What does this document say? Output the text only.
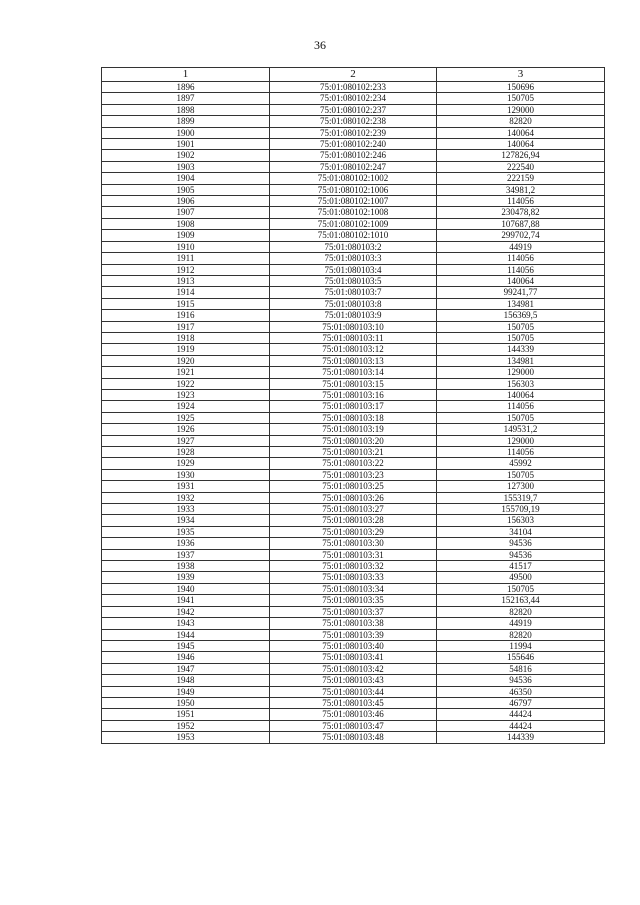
36
1	2	3
1896	75:01:080102:233	150696
1897	75:01:080102:234	150705
1898	75:01:080102:237	129000
1899	75:01:080102:238	82820
1900	75:01:080102:239	140064
1901	75:01:080102:240	140064
1902	75:01:080102:246	127826,94
1903	75:01:080102:247	222540
1904	75:01:080102:1002	222159
1905	75:01:080102:1006	34981,2
1906	75:01:080102:1007	114056
1907	75:01:080102:1008	230478,82
1908	75:01:080102:1009	107687,88
1909	75:01:080102:1010	299702,74
1910	75:01:080103:2	44919
1911	75:01:080103:3	114056
1912	75:01:080103:4	114056
1913	75:01:080103:5	140064
1914	75:01:080103:7	99241,77
1915	75:01:080103:8	134981
1916	75:01:080103:9	156369,5
1917	75:01:080103:10	150705
1918	75:01:080103:11	150705
1919	75:01:080103:12	144339
1920	75:01:080103:13	134981
1921	75:01:080103:14	129000
1922	75:01:080103:15	156303
1923	75:01:080103:16	140064
1924	75:01:080103:17	114056
1925	75:01:080103:18	150705
1926	75:01:080103:19	149531,2
1927	75:01:080103:20	129000
1928	75:01:080103:21	114056
1929	75:01:080103:22	45992
1930	75:01:080103:23	150705
1931	75:01:080103:25	127300
1932	75:01:080103:26	155319,7
1933	75:01:080103:27	155709,19
1934	75:01:080103:28	156303
1935	75:01:080103:29	34104
1936	75:01:080103:30	94536
1937	75:01:080103:31	94536
1938	75:01:080103:32	41517
1939	75:01:080103:33	49500
1940	75:01:080103:34	150705
1941	75:01:080103:35	152163,44
1942	75:01:080103:37	82820
1943	75:01:080103:38	44919
1944	75:01:080103:39	82820
1945	75:01:080103:40	11994
1946	75:01:080103:41	155646
1947	75:01:080103:42	54816
1948	75:01:080103:43	94536
1949	75:01:080103:44	46350
1950	75:01:080103:45	46797
1951	75:01:080103:46	44424
1952	75:01:080103:47	44424
1953	75:01:080103:48	144339
